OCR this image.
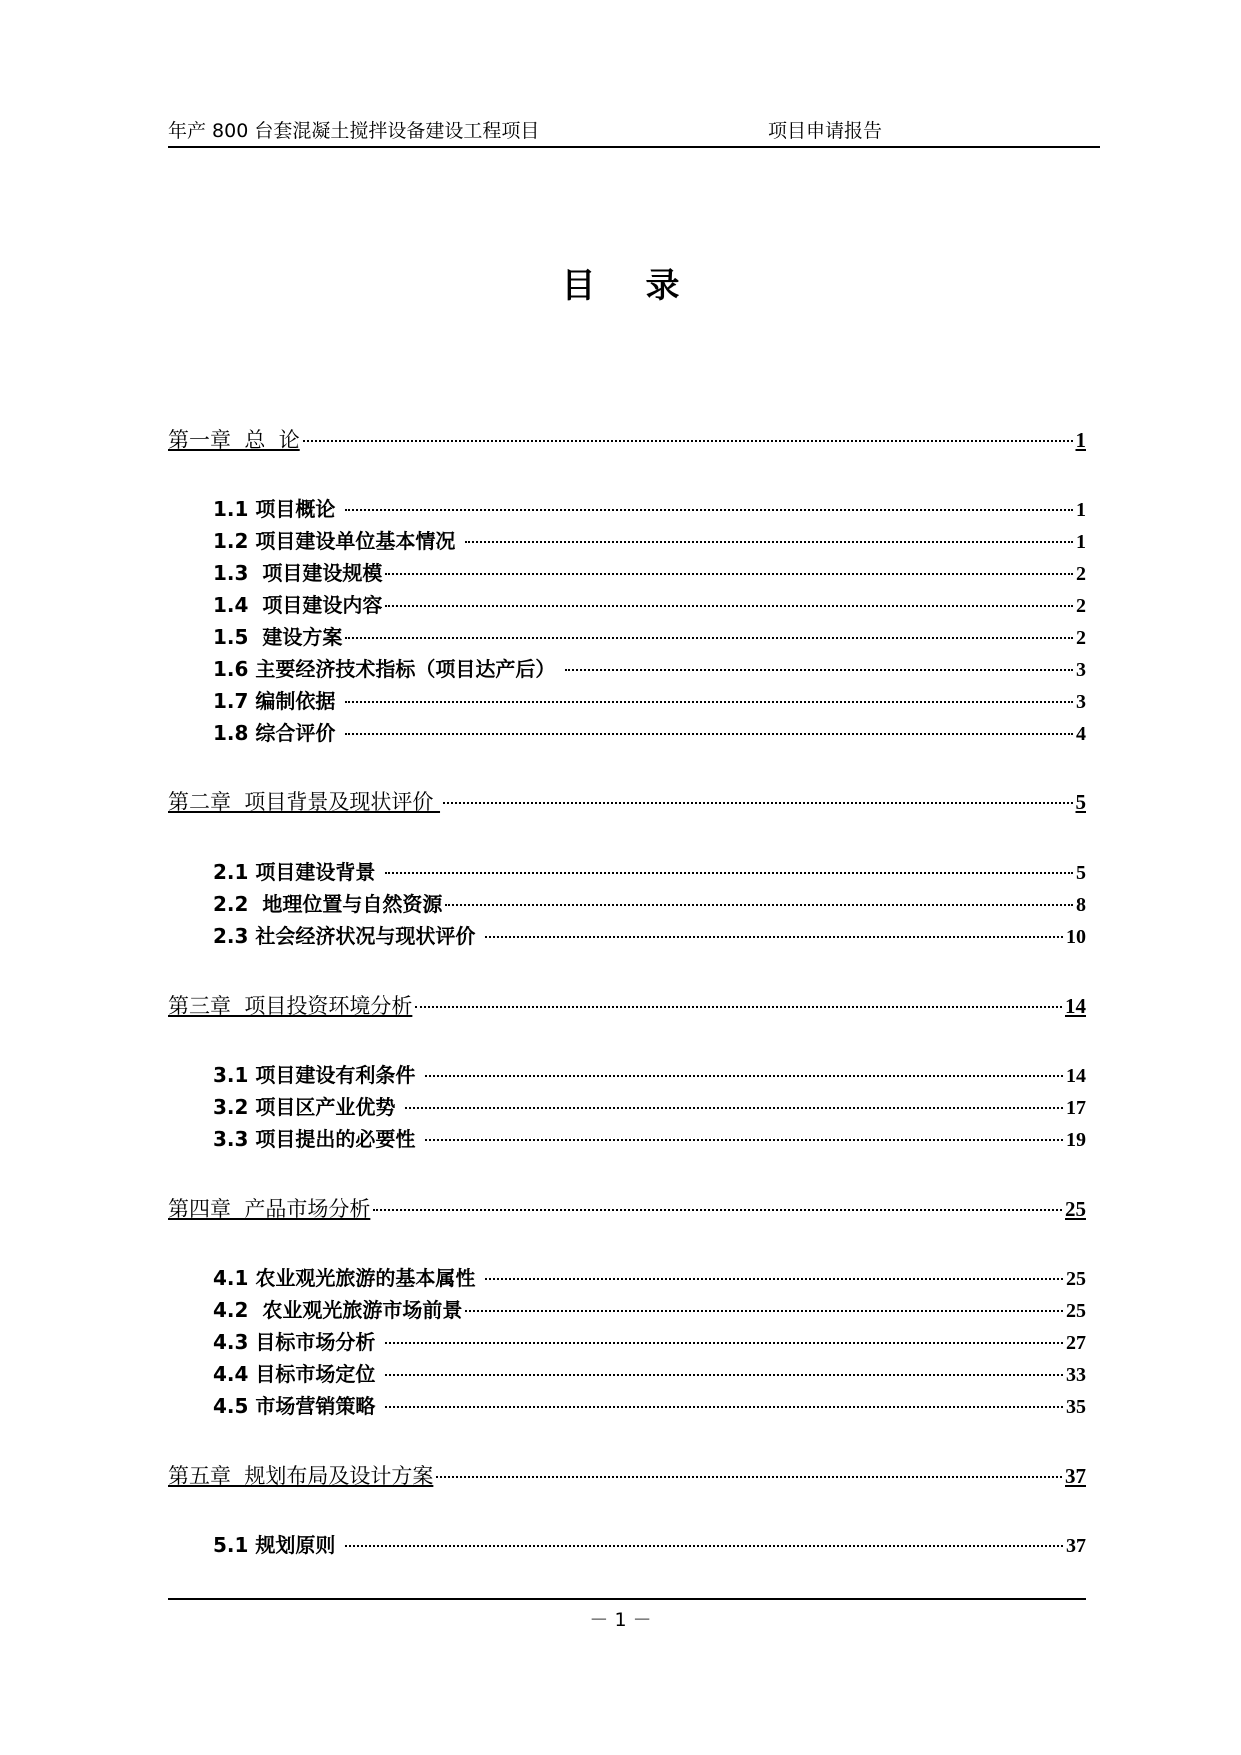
年产 800 台套混凝土搅拌设备建设工程项目	项目申请报告
目录
第一章  总  论	1
1.1 项目概论	1
1.2 项目建设单位基本情况	1
1.3  项目建设规模	2
1.4  项目建设内容	2
1.5  建设方案	2
1.6 主要经济技术指标（项目达产后）	3
1.7 编制依据	3
1.8 综合评价	4
第二章  项目背景及现状评价	5
2.1 项目建设背景	5
2.2  地理位置与自然资源	8
2.3 社会经济状况与现状评价	10
第三章  项目投资环境分析	14
3.1 项目建设有利条件	14
3.2 项目区产业优势	17
3.3 项目提出的必要性	19
第四章  产品市场分析	25
4.1 农业观光旅游的基本属性	25
4.2  农业观光旅游市场前景	25
4.3 目标市场分析	27
4.4 目标市场定位	33
4.5 市场营销策略	35
第五章  规划布局及设计方案	37
5.1 规划原则	37
－ 1 －
